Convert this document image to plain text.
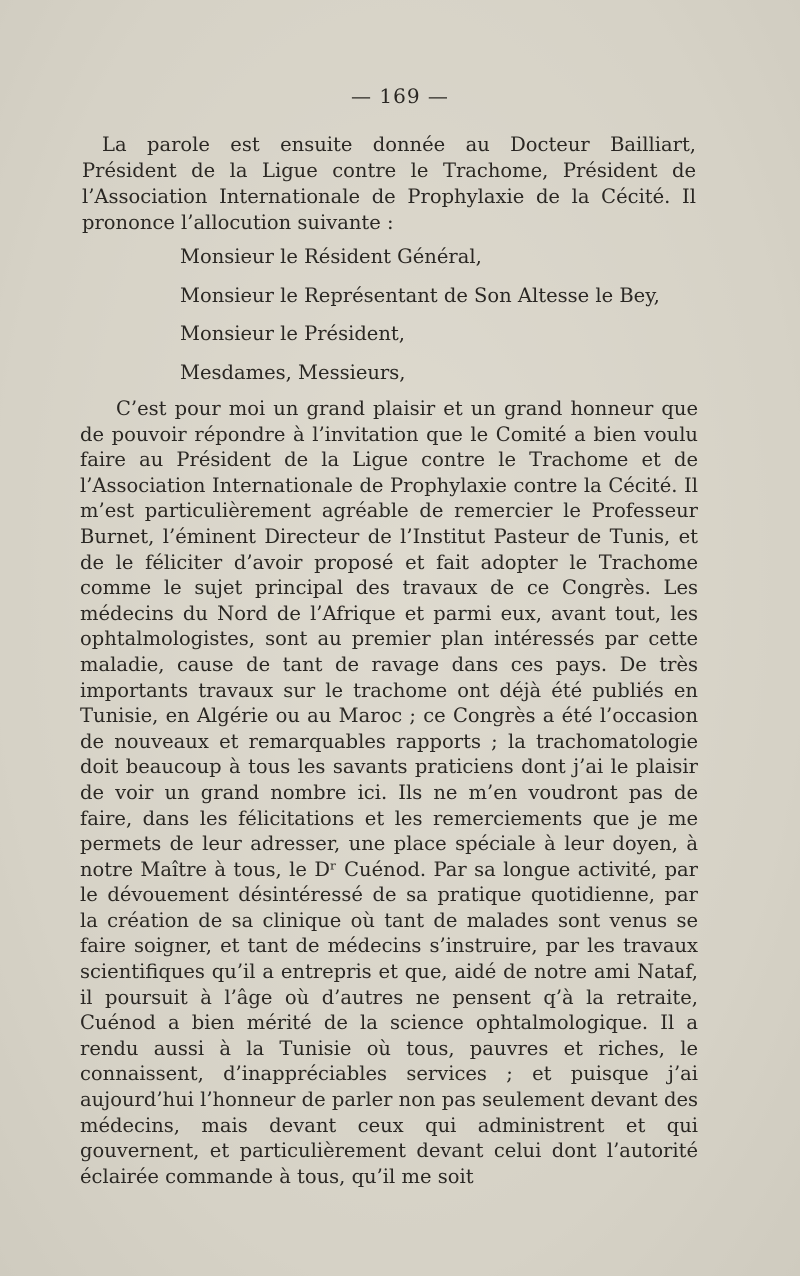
— 169 —

La parole est ensuite donnée au Docteur Bailliart, Président de la Ligue contre le Trachome, Président de l’Association Internationale de Prophylaxie de la Cécité. Il prononce l’allocution suivante :

Monsieur le Résident Général,
Monsieur le Représentant de Son Altesse le Bey,
Monsieur le Président,
Mesdames, Messieurs,

C’est pour moi un grand plaisir et un grand honneur que de pouvoir répondre à l’invitation que le Comité a bien voulu faire au Président de la Ligue contre le Trachome et de l’Association Internationale de Prophylaxie contre la Cécité. Il m’est particulièrement agréable de remercier le Professeur Burnet, l’éminent Directeur de l’Institut Pasteur de Tunis, et de le féliciter d’avoir proposé et fait adopter le Trachome comme le sujet principal des travaux de ce Congrès. Les médecins du Nord de l’Afrique et parmi eux, avant tout, les ophtalmologistes, sont au premier plan intéressés par cette maladie, cause de tant de ravage dans ces pays. De très importants travaux sur le trachome ont déjà été publiés en Tunisie, en Algérie ou au Maroc ; ce Congrès a été l’occasion de nouveaux et remarquables rapports ; la trachomatologie doit beaucoup à tous les savants praticiens dont j’ai le plaisir de voir un grand nombre ici. Ils ne m’en voudront pas de faire, dans les félicitations et les remerciements que je me permets de leur adresser, une place spéciale à leur doyen, à notre Maître à tous, le Dʳ Cuénod. Par sa longue activité, par le dévouement désintéressé de sa pratique quotidienne, par la création de sa clinique où tant de malades sont venus se faire soigner, et tant de médecins s’instruire, par les travaux scientifiques qu’il a entrepris et que, aidé de notre ami Nataf, il poursuit à l’âge où d’autres ne pensent q’à la retraite, Cuénod a bien mérité de la science ophtalmologique. Il a rendu aussi à la Tunisie où tous, pauvres et riches, le connaissent, d’inappréciables services ; et puisque j’ai aujourd’hui l’honneur de parler non pas seulement devant des médecins, mais devant ceux qui administrent et qui gouvernent, et particulièrement devant celui dont l’autorité éclairée commande à tous, qu’il me soit
